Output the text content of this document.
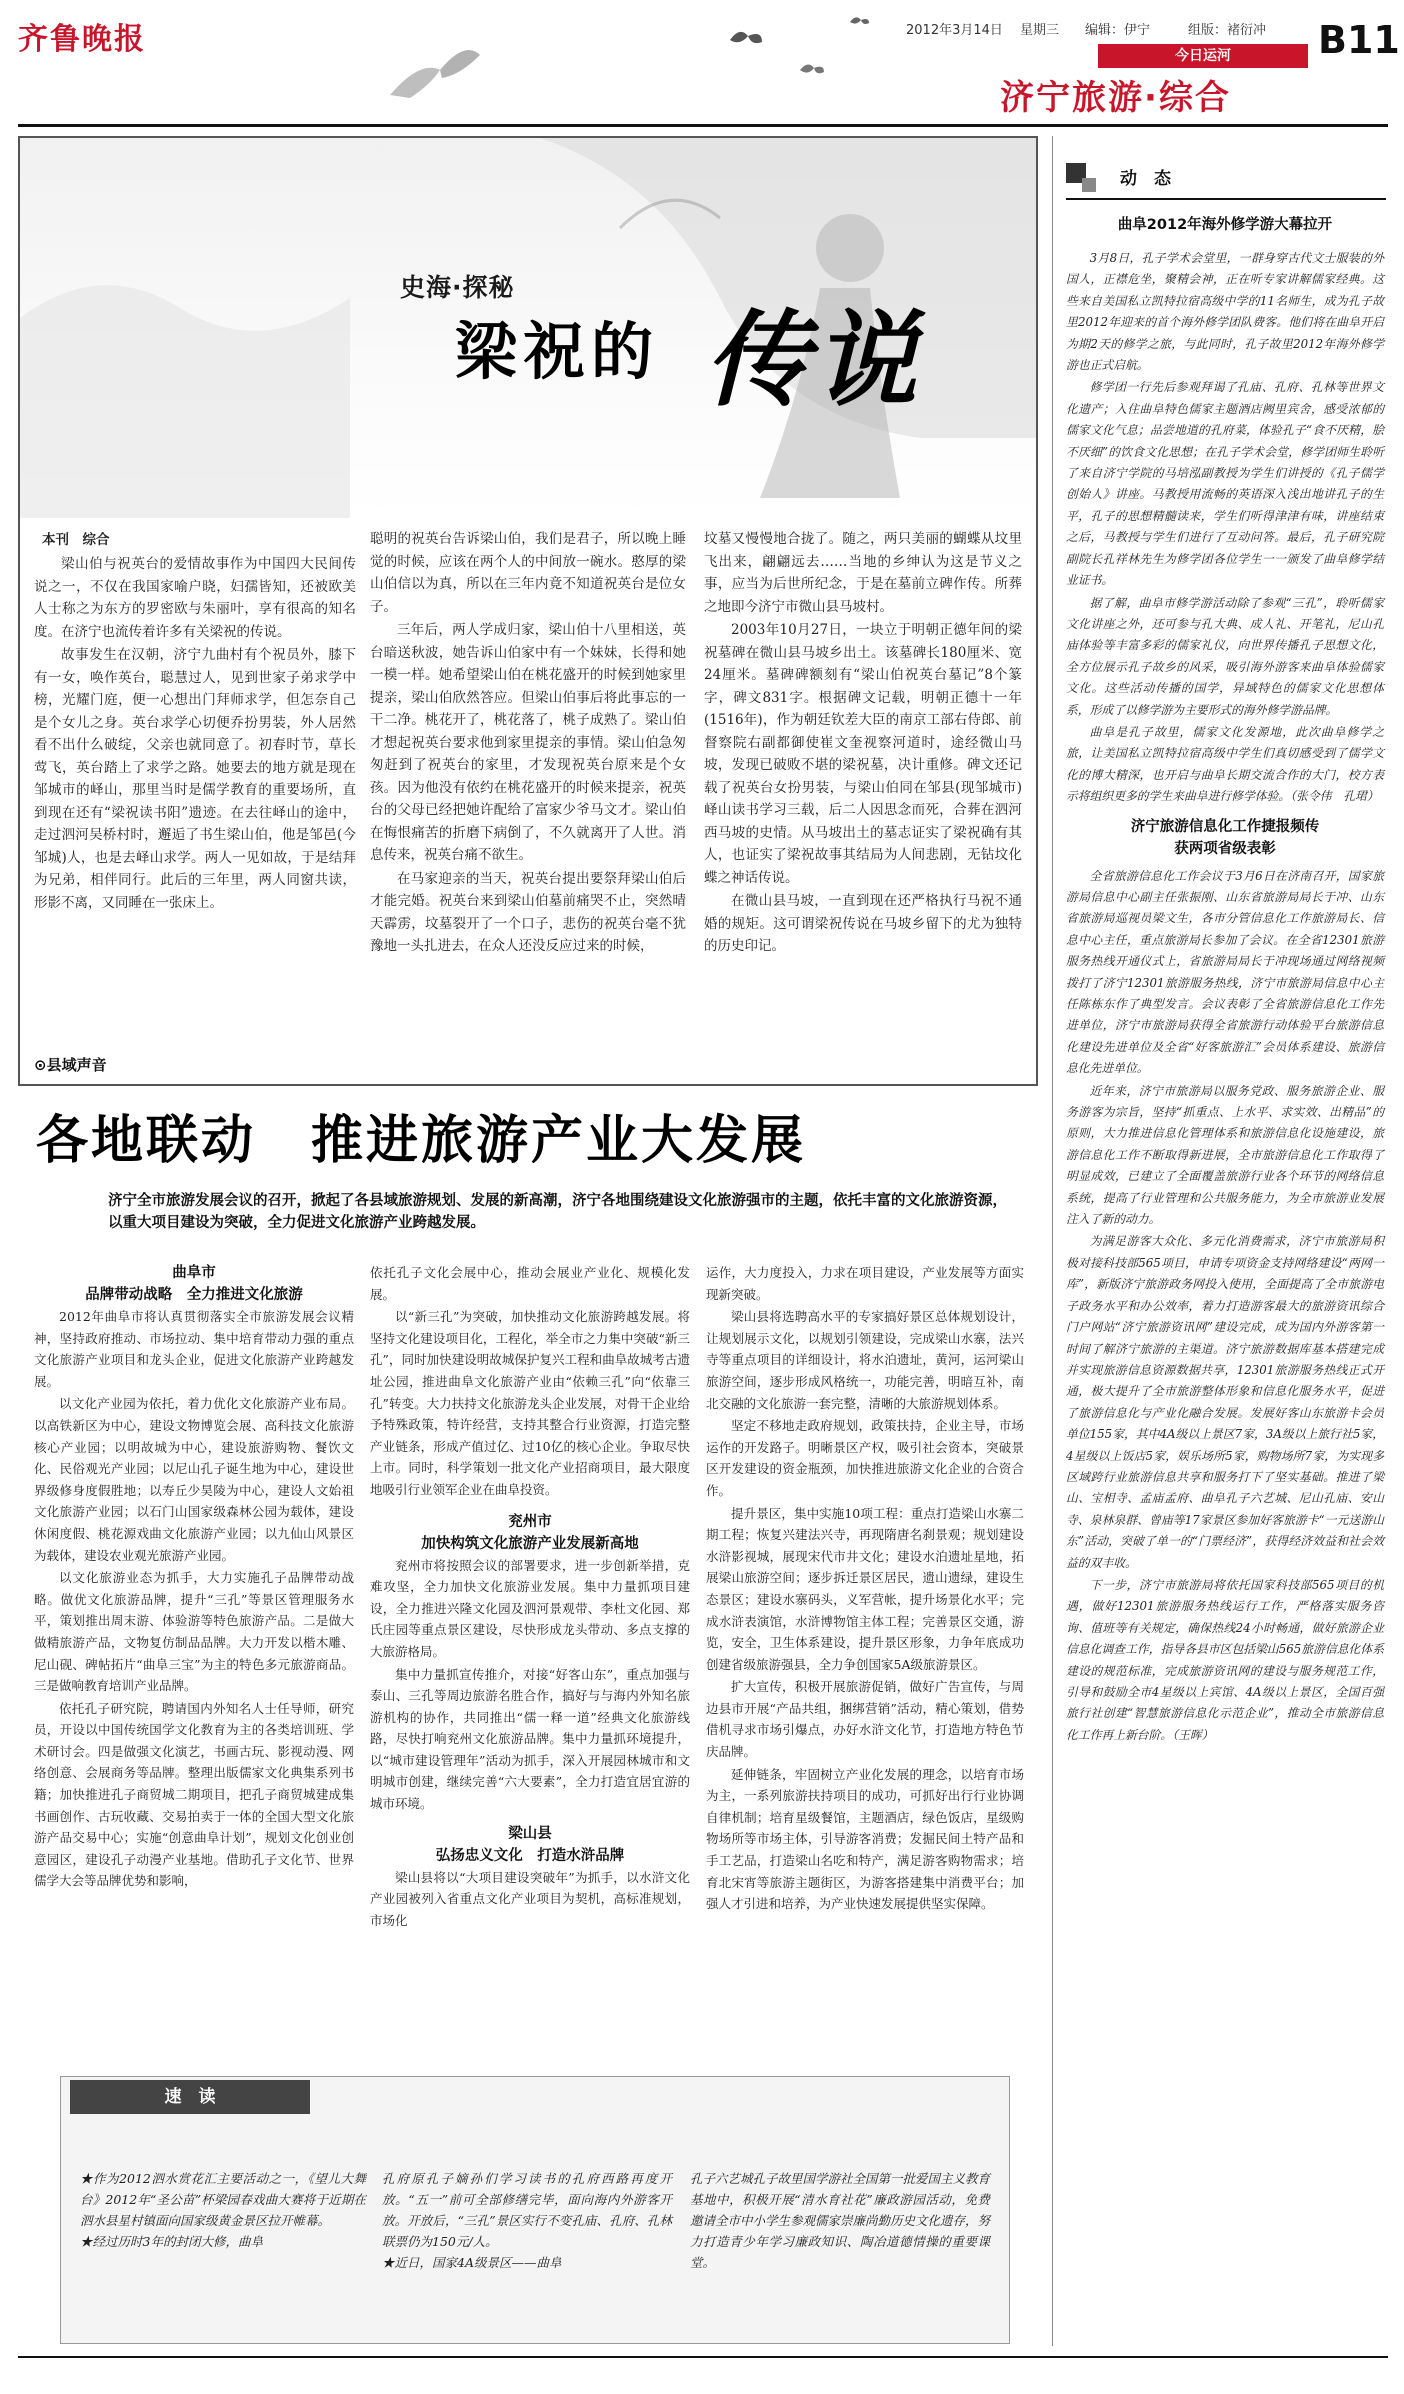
齐鲁晚报	2012年3月14日 星期三 编辑：伊宁	组版：褚衍冲 B11
今日运河
济宁旅游·综合
史海·探秘
梁祝的 传说
本刊　综合

梁山伯与祝英台的爱情故事作为中国四大民间传说之一，不仅在我国家喻户晓，妇孺皆知，还被欧美人士称之为东方的罗密欧与朱丽叶，享有很高的知名度。在济宁也流传着许多有关梁祝的传说。

故事发生在汉朝，济宁九曲村有个祝员外，膝下有一女，唤作英台，聪慧过人，见到世家子弟求学中榜，光耀门庭，便一心想出门拜师求学，但怎奈自己是个女儿之身。英台求学心切便乔扮男装，外人居然看不出什么破绽，父亲也就同意了。初春时节，草长莺飞，英台踏上了求学之路。她要去的地方就是现在邹城市的峄山，那里当时是儒学教育的重要场所，直到现在还有“梁祝读书阳”遗迹。在去往峄山的途中，走过泗河吴桥村时，邂逅了书生梁山伯，他是邹邑(今邹城)人，也是去峄山求学。两人一见如故，于是结拜为兄弟，相伴同行。此后的三年里，两人同窗共读，形影不离，又同睡在一张床上。

聪明的祝英台告诉梁山伯，我们是君子，所以晚上睡觉的时候，应该在两个人的中间放一碗水。憨厚的梁山伯信以为真，所以在三年内竟不知道祝英台是位女子。

三年后，两人学成归家，梁山伯十八里相送，英台暗送秋波，她告诉山伯家中有一个妹妹，长得和她一模一样。她希望梁山伯在桃花盛开的时候到她家里提亲，梁山伯欣然答应。但梁山伯事后将此事忘的一干二净。桃花开了，桃花落了，桃子成熟了。梁山伯才想起祝英台要求他到家里提亲的事情。梁山伯急匆匆赶到了祝英台的家里，才发现祝英台原来是个女孩。因为他没有依约在桃花盛开的时候来提亲，祝英台的父母已经把她许配给了富家少爷马文才。梁山伯在悔恨痛苦的折磨下病倒了，不久就离开了人世。消息传来，祝英台痛不欲生。

在马家迎亲的当天，祝英台提出要祭拜梁山伯后才能完婚。祝英台来到梁山伯墓前痛哭不止，突然晴天霹雳，坟墓裂开了一个口子，悲伤的祝英台毫不犹豫地一头扎进去，在众人还没反应过来的时候，

坟墓又慢慢地合拢了。随之，两只美丽的蝴蝶从坟里飞出来，翩翩远去……当地的乡绅认为这是节义之事，应当为后世所纪念，于是在墓前立碑作传。所葬之地即今济宁市微山县马坡村。

2003年10月27日，一块立于明朝正德年间的梁祝墓碑在微山县马坡乡出土。该墓碑长180厘米、宽24厘米。墓碑碑额刻有“梁山伯祝英台墓记”8个篆字，碑文831字。根据碑文记载，明朝正德十一年(1516年)，作为朝廷钦差大臣的南京工部右侍郎、前督察院右副都御使崔文奎视察河道时，途经微山马坡，发现已破败不堪的梁祝墓，决计重修。碑文还记载了祝英台女扮男装，与梁山伯同在邹县(现邹城市)峄山读书学习三载，后二人因思念而死，合葬在泗河西马坡的史情。从马坡出土的墓志证实了梁祝确有其人，也证实了梁祝故事其结局为人间悲剧，无钻坟化蝶之神话传说。

在微山县马坡，一直到现在还严格执行马祝不通婚的规矩。这可谓梁祝传说在马坡乡留下的尤为独特的历史印记。

⊙县域声音
各地联动　推进旅游产业大发展
济宁全市旅游发展会议的召开，掀起了各县域旅游规划、发展的新高潮，济宁各地围绕建设文化旅游强市的主题，依托丰富的文化旅游资源，以重大项目建设为突破，全力促进文化旅游产业跨越发展。
曲阜市
品牌带动战略　全力推进文化旅游

2012年曲阜市将认真贯彻落实全市旅游发展会议精神，坚持政府推动、市场拉动、集中培育带动力强的重点文化旅游产业项目和龙头企业，促进文化旅游产业跨越发展。

以文化产业园为依托，着力优化文化旅游产业布局。以高铁新区为中心，建设文物博览会展、高科技文化旅游核心产业园；以明故城为中心，建设旅游购物、餐饮文化、民俗观光产业园；以尼山孔子诞生地为中心，建设世界级修身度假胜地；以寿丘少昊陵为中心，建设人文始祖文化旅游产业园；以石门山国家级森林公园为载体，建设休闲度假、桃花源戏曲文化旅游产业园；以九仙山风景区为载体，建设农业观光旅游产业园。

以文化旅游业态为抓手，大力实施孔子品牌带动战略。做优文化旅游品牌，提升“三孔”等景区管理服务水平，策划推出周末游、体验游等特色旅游产品。二是做大做精旅游产品，文物复仿制品品牌。大力开发以楷木雕、尼山砚、碑帖拓片“曲阜三宝”为主的特色多元旅游商品。三是做响教育培训产业品牌。

依托孔子研究院，聘请国内外知名人士任导师，研究员，开设以中国传统国学文化教育为主的各类培训班、学术研讨会。四是做强文化演艺，书画古玩、影视动漫、网络创意、会展商务等品牌。整理出版儒家文化典集系列书籍；加快推进孔子商贸城二期项目，把孔子商贸城建成集书画创作、古玩收藏、交易拍卖于一体的全国大型文化旅游产品交易中心；实施“创意曲阜计划”，规划文化创业创意园区，建设孔子动漫产业基地。借助孔子文化节、世界儒学大会等品牌优势和影响，

依托孔子文化会展中心，推动会展业产业化、规模化发展。

以“新三孔”为突破，加快推动文化旅游跨越发展。将坚持文化建设项目化，工程化，举全市之力集中突破“新三孔”，同时加快建设明故城保护复兴工程和曲阜故城考古遗址公园，推进曲阜文化旅游产业由“依赖三孔”向“依靠三孔”转变。大力扶持文化旅游龙头企业发展，对骨干企业给予特殊政策，特许经营，支持其整合行业资源，打造完整产业链条，形成产值过亿、过10亿的核心企业。争取尽快上市。同时，科学策划一批文化产业招商项目，最大限度地吸引行业领军企业在曲阜投资。

兖州市
加快构筑文化旅游产业发展新高地

兖州市将按照会议的部署要求，进一步创新举措，克难攻坚，全力加快文化旅游业发展。集中力量抓项目建设，全力推进兴隆文化园及泗河景观带、李杜文化园、郑氏庄园等重点景区建设，尽快形成龙头带动、多点支撑的大旅游格局。

集中力量抓宣传推介，对接“好客山东”，重点加强与泰山、三孔等周边旅游名胜合作，搞好与与海内外知名旅游机构的协作，共同推出“儒一释一道”经典文化旅游线路，尽快打响兖州文化旅游品牌。集中力量抓环境提升，以“城市建设管理年”活动为抓手，深入开展园林城市和文明城市创建，继续完善“六大要素”，全力打造宜居宜游的城市环境。

梁山县
弘扬忠义文化　打造水浒品牌

梁山县将以“大项目建设突破年”为抓手，以水浒文化产业园被列入省重点文化产业项目为契机，高标准规划，市场化

运作，大力度投入，力求在项目建设，产业发展等方面实现新突破。

梁山县将选聘高水平的专家搞好景区总体规划设计，让规划展示文化，以规划引领建设，完成梁山水寨，法兴寺等重点项目的详细设计，将水泊遗址，黄河，运河梁山旅游空间，逐步形成风格统一，功能完善，明暗互补，南北交融的文化旅游一套完整，清晰的大旅游规划体系。

坚定不移地走政府规划，政策扶持，企业主导，市场运作的开发路子。明晰景区产权，吸引社会资本，突破景区开发建设的资金瓶颈，加快推进旅游文化企业的合资合作。

提升景区，集中实施10项工程：重点打造梁山水寨二期工程；恢复兴建法兴寺，再现隋唐名刹景观；规划建设水浒影视城，展现宋代市井文化；建设水泊遗址星地，拓展梁山旅游空间；逐步拆迁景区居民，遗山遗绿，建设生态景区；建设水寨码头，义军营帐，提升场景化水平；完成水浒表演馆，水浒博物馆主体工程；完善景区交通，游览，安全，卫生体系建设，提升景区形象，力争年底成功创建省级旅游强县，全力争创国家5A级旅游景区。

扩大宣传，积极开展旅游促销，做好广告宣传，与周边县市开展“产品共组，捆绑营销”活动，精心策划，借势借机寻求市场引爆点，办好水浒文化节，打造地方特色节庆品牌。

延伸链条，牢固树立产业化发展的理念，以培育市场为主，一系列旅游扶持项目的成功，可抓好出行行业协调自律机制；培育星级餐馆，主题酒店，绿色饭店，星级购物场所等市场主体，引导游客消费；发掘民间土特产品和手工艺品，打造梁山名吃和特产，满足游客购物需求；培育北宋宵等旅游主题街区，为游客搭建集中消费平台；加强人才引进和培养，为产业快速发展提供坚实保障。

速　读
★作为2012泗水赏花汇主要活动之一，《望儿大舞台》2012年“圣公苗”杯梁园春戏曲大赛将于近期在泗水县星村镇面向国家级黄金景区拉开帷幕。
★经过历时3年的封闭大修，曲阜
孔府原孔子嫡孙们学习读书的孔府西路再度开放。“五一”前可全部修缮完毕，面向海内外游客开放。开放后，“三孔”景区实行不变孔庙、孔府、孔林联票仍为150元/人。
★近日，国家4A级景区——曲阜
孔子六艺城孔子故里国学游社全国第一批爱国主义教育基地中，积极开展“清水育社花”廉政游园活动，免费邀请全市中小学生参观儒家崇廉尚勤历史文化遗存，努力打造青少年学习廉政知识、陶冶道德情操的重要课堂。
动　态
曲阜2012年海外修学游大幕拉开

3月8日，孔子学术会堂里，一群身穿古代文士服装的外国人，正襟危坐，聚精会神，正在听专家讲解儒家经典。这些来自美国私立凯特拉宿高级中学的11名师生，成为孔子故里2012年迎来的首个海外修学团队费客。他们将在曲阜开启为期2天的修学之旅，与此同时，孔子故里2012年海外修学游也正式启航。

修学团一行先后参观拜谒了孔庙、孔府、孔林等世界文化遗产；入住曲阜特色儒家主题酒店阙里宾舍，感受浓郁的儒家文化气息；品尝地道的孔府菜，体验孔子“食不厌精，脍不厌细”的饮食文化思想；在孔子学术会堂，修学团师生聆听了来自济宁学院的马培泓副教授为学生们讲授的《孔子儒学创始人》讲座。马教授用流畅的英语深入浅出地讲孔子的生平，孔子的思想精髓读来，学生们听得津津有味，讲座结束之后，马教授与学生们进行了互动问答。最后，孔子研究院副院长孔祥林先生为修学团各位学生一一颁发了曲阜修学结业证书。

据了解，曲阜市修学游活动除了参观“三孔”，聆听儒家文化讲座之外，还可参与孔大典、成人礼、开笔礼，尼山孔庙体验等丰富多彩的儒家礼仪，向世界传播孔子思想文化，全方位展示孔子故乡的风采，吸引海外游客来曲阜体验儒家文化。这些活动传播的国学，异域特色的儒家文化思想体系，形成了以修学游为主要形式的海外修学游品牌。

曲阜是孔子故里，儒家文化发源地，此次曲阜修学之旅，让美国私立凯特拉宿高级中学生们真切感受到了儒学文化的博大精深，也开启与曲阜长期交流合作的大门，校方表示将组织更多的学生来曲阜进行修学体验。（张令伟　孔珺）

济宁旅游信息化工作捷报频传
获两项省级表彰

全省旅游信息化工作会议于3月6日在济南召开，国家旅游局信息中心副主任张振刚、山东省旅游局局长于冲、山东省旅游局巡视员梁文生，各市分管信息化工作旅游局长、信息中心主任，重点旅游局长参加了会议。在全省12301旅游服务热线开通仪式上，省旅游局局长于冲现场通过网络视频拨打了济宁12301旅游服务热线，济宁市旅游局信息中心主任陈栋东作了典型发言。会议表彰了全省旅游信息化工作先进单位，济宁市旅游局获得全省旅游行动体验平台旅游信息化建设先进单位及全省“好客旅游汇”会员体系建设、旅游信息化先进单位。

近年来，济宁市旅游局以服务党政、服务旅游企业、服务游客为宗旨，坚持“抓重点、上水平、求实效、出精品”的原则，大力推进信息化管理体系和旅游信息化设施建设，旅游信息化工作不断取得新进展，全市旅游信息化工作取得了明显成效，已建立了全面覆盖旅游行业各个环节的网络信息系统，提高了行业管理和公共服务能力，为全市旅游业发展注入了新的动力。

为满足游客大众化、多元化消费需求，济宁市旅游局积极对接科技部565项目，申请专项资金支持网络建设“两网一库”，新版济宁旅游政务网投入使用，全面提高了全市旅游电子政务水平和办公效率，着力打造游客最大的旅游资讯综合门户网站“济宁旅游资讯网”建设完成，成为国内外游客第一时间了解济宁旅游的主渠道。济宁旅游数据库基本搭建完成并实现旅游信息资源数据共享，12301旅游服务热线正式开通，极大提升了全市旅游整体形象和信息化服务水平，促进了旅游信息化与产业化融合发展。发展好客山东旅游卡会员单位155家，其中4A级以上景区7家，3A级以上旅行社5家，4星级以上饭店5家，娱乐场所5家，购物场所7家，为实现多区域跨行业旅游信息共享和服务打下了坚实基础。推进了梁山、宝相寺、孟庙孟府、曲阜孔子六艺城、尼山孔庙、安山寺、泉林泉群、曾庙等17家景区参加好客旅游卡“一元送游山东”活动，突破了单一的“门票经济”，获得经济效益和社会效益的双丰收。

下一步，济宁市旅游局将依托国家科技部565项目的机遇，做好12301旅游服务热线运行工作，严格落实服务咨询、值班等有关规定，确保热线24小时畅通，做好旅游企业信息化调查工作，指导各县市区包括梁山565旅游信息化体系建设的规范标准，完成旅游资讯网的建设与服务规范工作，引导和鼓励全市4星级以上宾馆、4A级以上景区，全国百强旅行社创建“智慧旅游信息化示范企业”，推动全市旅游信息化工作再上新台阶。（王晖）
